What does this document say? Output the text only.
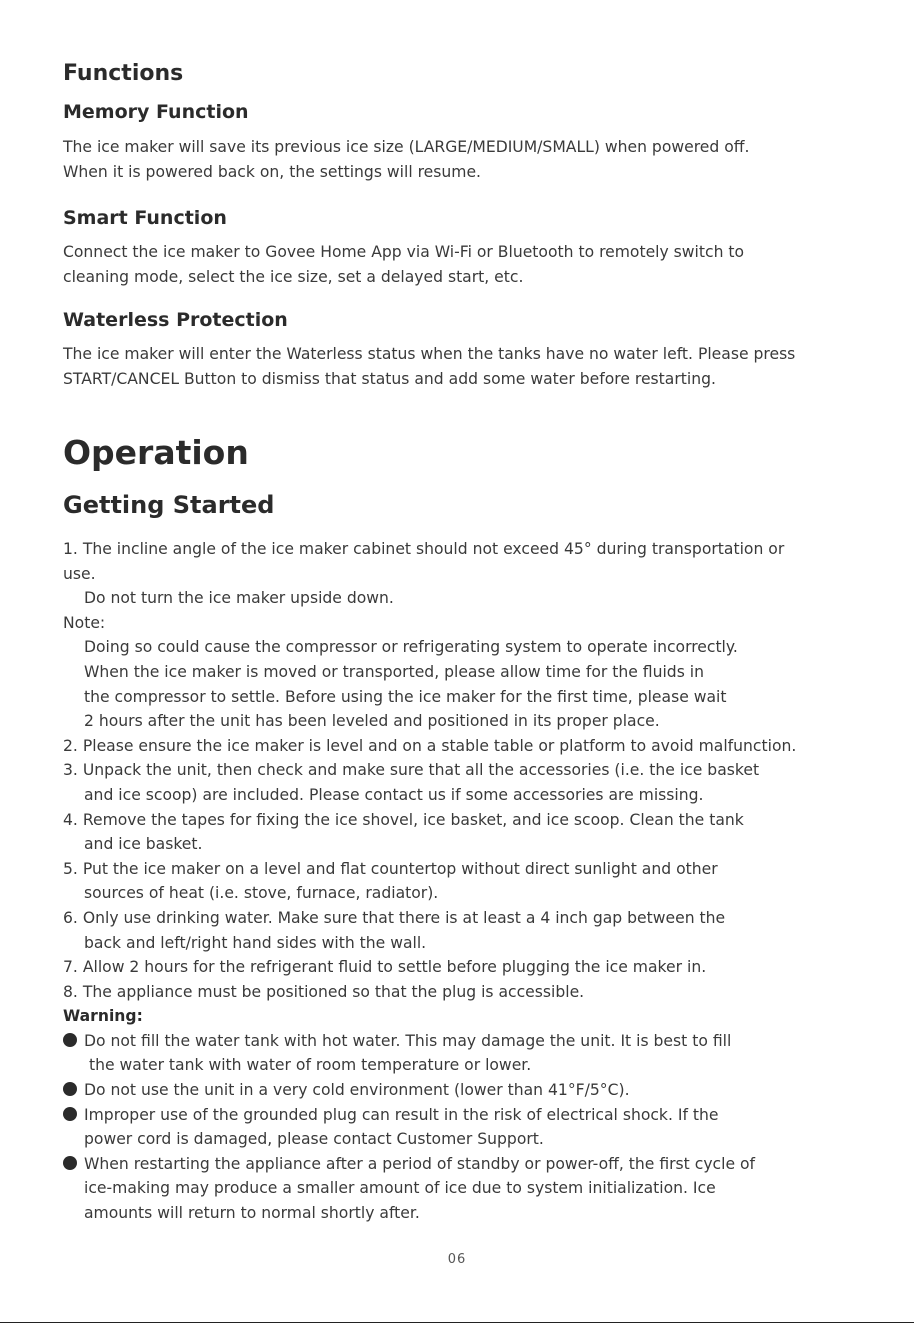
Functions
Memory Function
The ice maker will save its previous ice size (LARGE/MEDIUM/SMALL) when powered off.
When it is powered back on, the settings will resume.
Smart Function
Connect the ice maker to Govee Home App via Wi-Fi or Bluetooth to remotely switch to
cleaning mode, select the ice size, set a delayed start, etc.
Waterless Protection
The ice maker will enter the Waterless status when the tanks have no water left. Please press
START/CANCEL Button to dismiss that status and add some water before restarting.
Operation
Getting Started
1. The incline angle of the ice maker cabinet should not exceed 45° during transportation or
use.
Do not turn the ice maker upside down.
Note:
Doing so could cause the compressor or refrigerating system to operate incorrectly.
When the ice maker is moved or transported, please allow time for the fluids in
the compressor to settle. Before using the ice maker for the first time, please wait
2 hours after the unit has been leveled and positioned in its proper place.
2. Please ensure the ice maker is level and on a stable table or platform to avoid malfunction.
3. Unpack the unit, then check and make sure that all the accessories (i.e. the ice basket
and ice scoop) are included. Please contact us if some accessories are missing.
4. Remove the tapes for fixing the ice shovel, ice basket, and ice scoop. Clean the tank
and ice basket.
5. Put the ice maker on a level and flat countertop without direct sunlight and other
sources of heat (i.e. stove, furnace, radiator).
6. Only use drinking water. Make sure that there is at least a 4 inch gap between the
back and left/right hand sides with the wall.
7. Allow 2 hours for the refrigerant fluid to settle before plugging the ice maker in.
8. The appliance must be positioned so that the plug is accessible.
Warning:
Do not fill the water tank with hot water. This may damage the unit. It is best to fill
the water tank with water of room temperature or lower.
Do not use the unit in a very cold environment (lower than 41°F/5°C).
Improper use of the grounded plug can result in the risk of electrical shock. If the
power cord is damaged, please contact Customer Support.
When restarting the appliance after a period of standby or power-off, the first cycle of
ice-making may produce a smaller amount of ice due to system initialization. Ice
amounts will return to normal shortly after.
06
